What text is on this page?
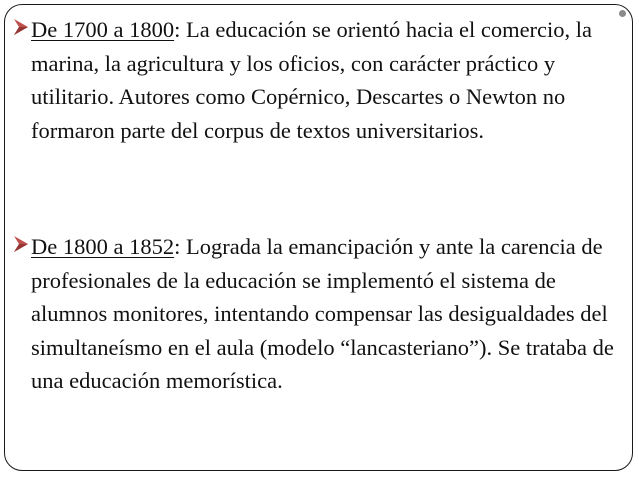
De 1700 a 1800: La educación se orientó hacia el comercio, la marina, la agricultura y los oficios, con carácter práctico y utilitario. Autores como Copérnico, Descartes o Newton no formaron parte del corpus de textos universitarios.

De 1800 a 1852: Lograda la emancipación y ante la carencia de profesionales de la educación se implementó el sistema de alumnos monitores, intentando compensar las desigualdades del simultaneísmo en el aula (modelo “lancasteriano”). Se trataba de una educación memorística.
